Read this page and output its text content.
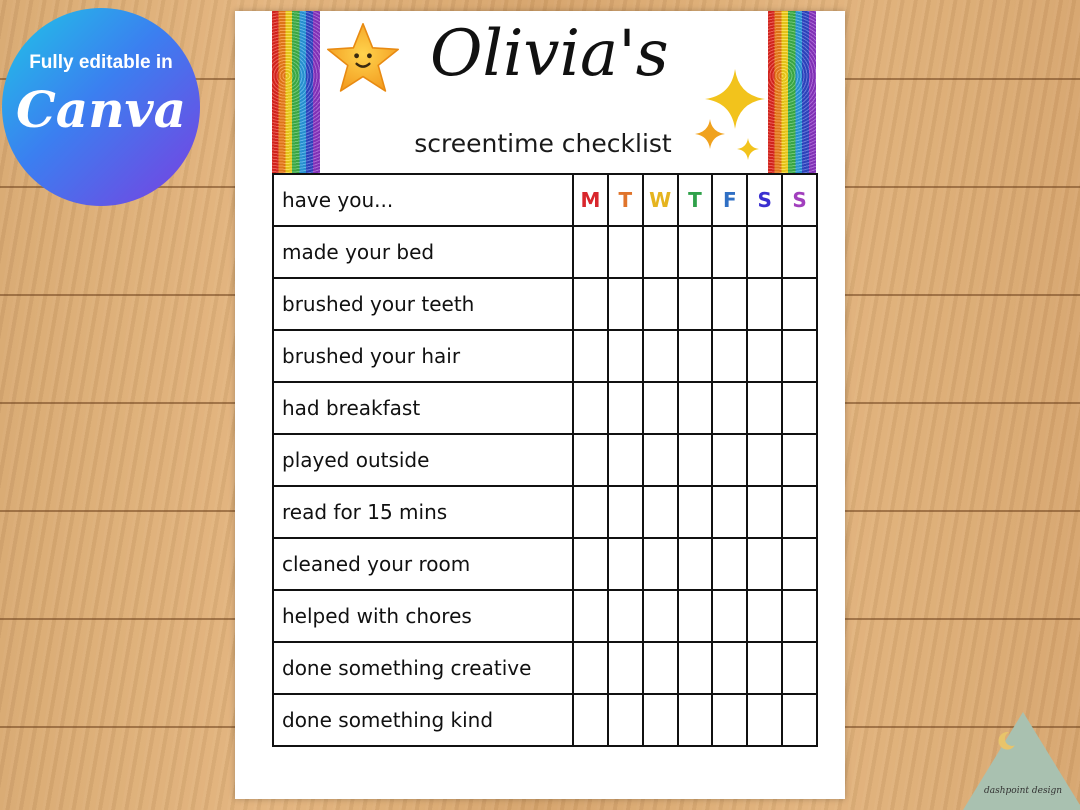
Fully editable in
Canva
Olivia's
screentime checklist
have you...	M	T	W	T	F	S	S
made your bed							
brushed your teeth							
brushed your hair							
had breakfast							
played outside							
read for 15 mins							
cleaned your room							
helped with chores							
done something creative							
done something kind							
dashpoint design
